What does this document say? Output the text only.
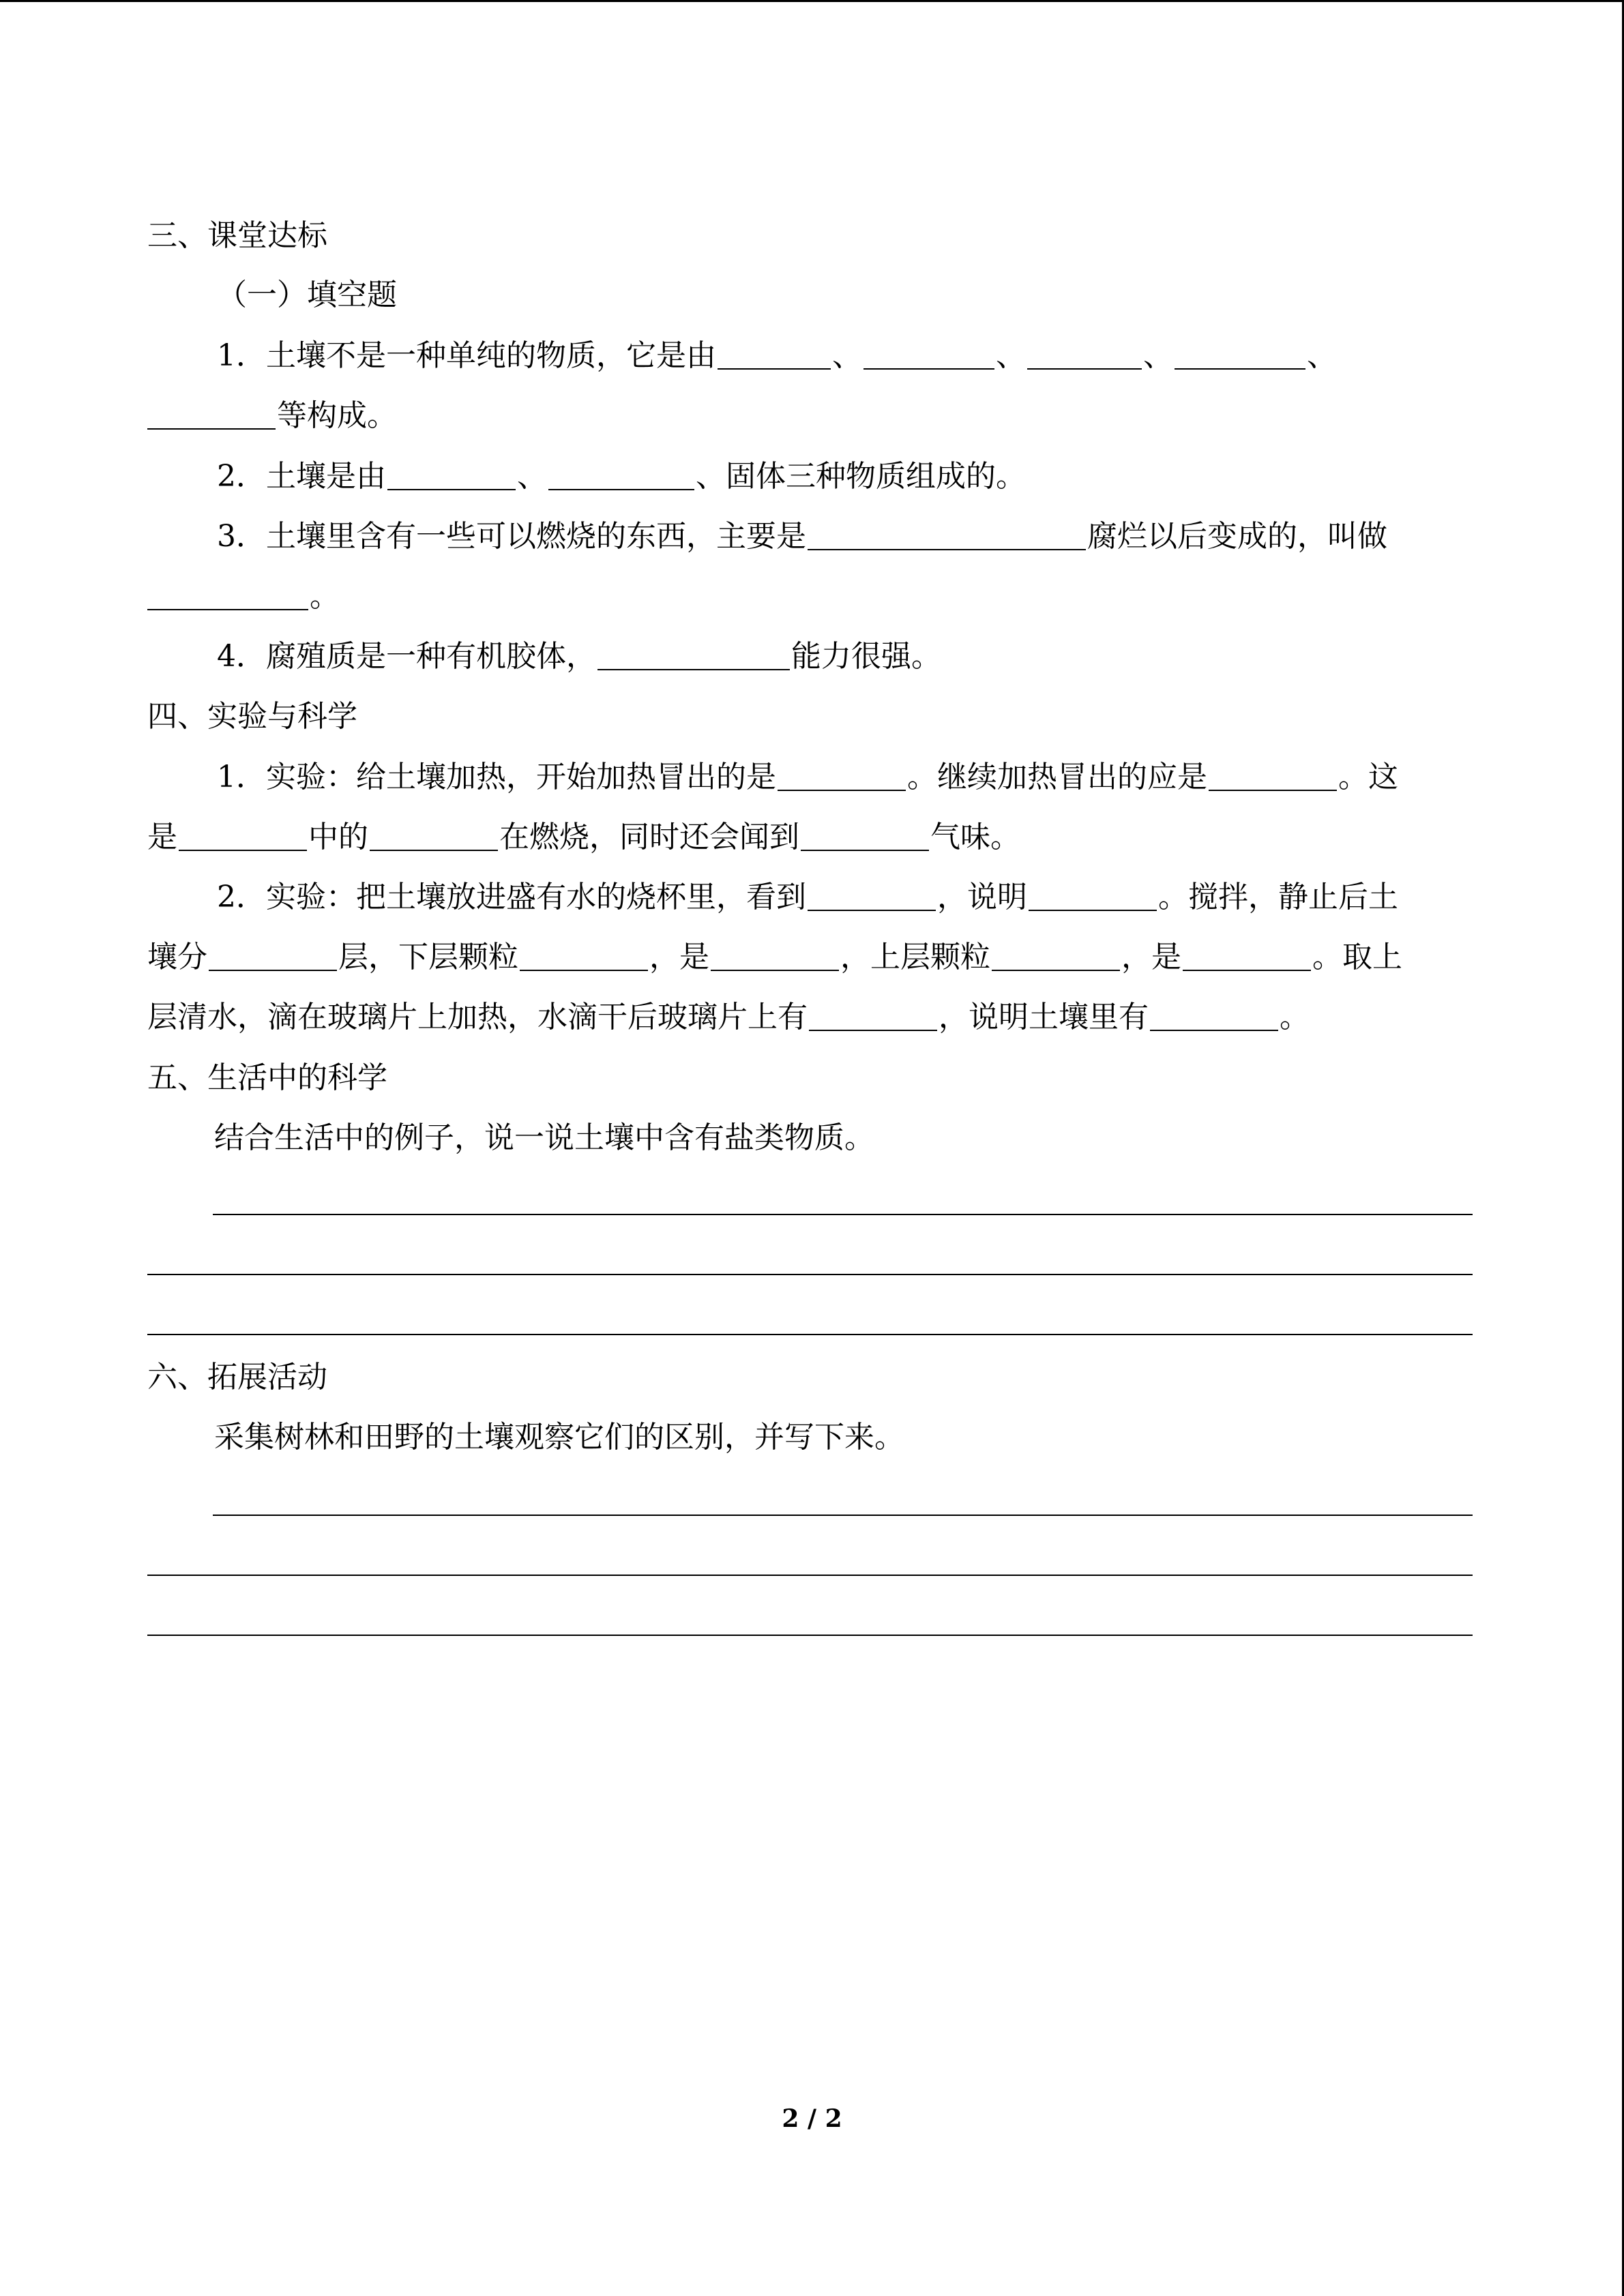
三、课堂达标
（一）填空题
1．土壤不是一种单纯的物质，它是由	、	、	、	、
等构成。
2．土壤是由	、	、固体三种物质组成的。
3．土壤里含有一些可以燃烧的东西，主要是	腐烂以后变成的，叫做
。
4．腐殖质是一种有机胶体，	能力很强。
四、实验与科学
1．实验：给土壤加热，开始加热冒出的是	。继续加热冒出的应是	。这
是	中的	在燃烧，同时还会闻到	气味。
2．实验：把土壤放进盛有水的烧杯里，看到	，说明	。搅拌，静止后土
壤分	层，下层颗粒	，是	，上层颗粒	，是	。取上
层清水，滴在玻璃片上加热，水滴干后玻璃片上有	，说明土壤里有	。
五、生活中的科学
结合生活中的例子，说一说土壤中含有盐类物质。
六、拓展活动
采集树林和田野的土壤观察它们的区别，并写下来。
2 / 2
